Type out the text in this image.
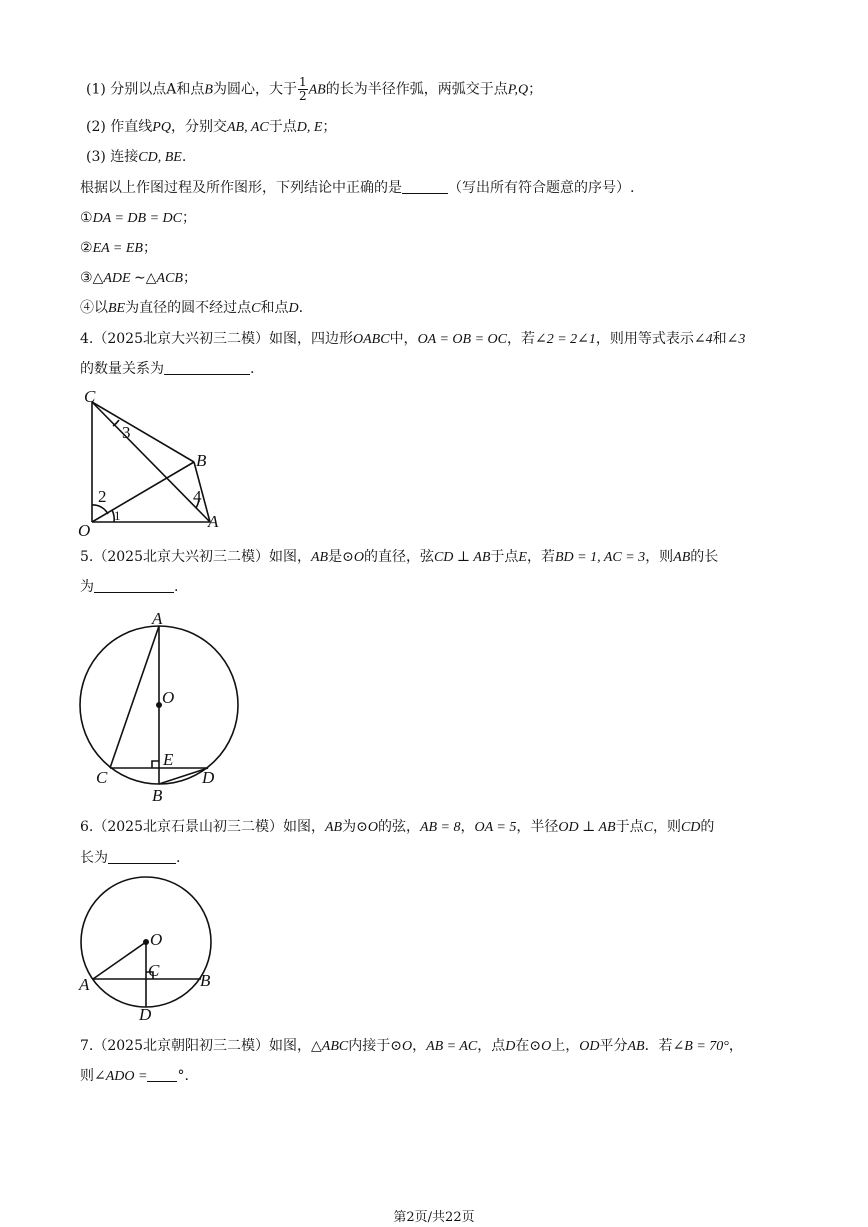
(1) 分别以点A和点B为圆心，大于 $\frac{1}{2}$ AB的长为半径作弧，两弧交于点P,Q；
(2) 作直线PQ，分别交AB, AC于点D, E；
(3) 连接CD, BE.
根据以上作图过程及所作图形，下列结论中正确的是	（写出所有符合题意的序号）.
①DA = DB = DC；
②EA = EB；
③△ADE ∼△ACB；
④以BE为直径的圆不经过点C和点D.
4.（2025北京大兴初三二模）如图，四边形OABC中，OA = OB = OC，若∠2 = 2∠1，则用等式表示∠4和∠3
的数量关系为	.
C
B
O	A
1
2
3
4
5.（2025北京大兴初三二模）如图，AB是⊙O的直径，弦CD ⊥ AB于点E，若BD = 1, AC = 3，则AB的长
为	.
A
O
E
C	D
B
6.（2025北京石景山初三二模）如图，AB为⊙O的弦，AB = 8，OA = 5，半径OD ⊥ AB于点C，则CD的
长为	.
O
C
A	B
D
7.（2025北京朝阳初三二模）如图，△ABC内接于⊙O，AB = AC，点D在⊙O上，OD平分AB．若∠B = 70°，
则∠ADO = °.
第2页/共22页
